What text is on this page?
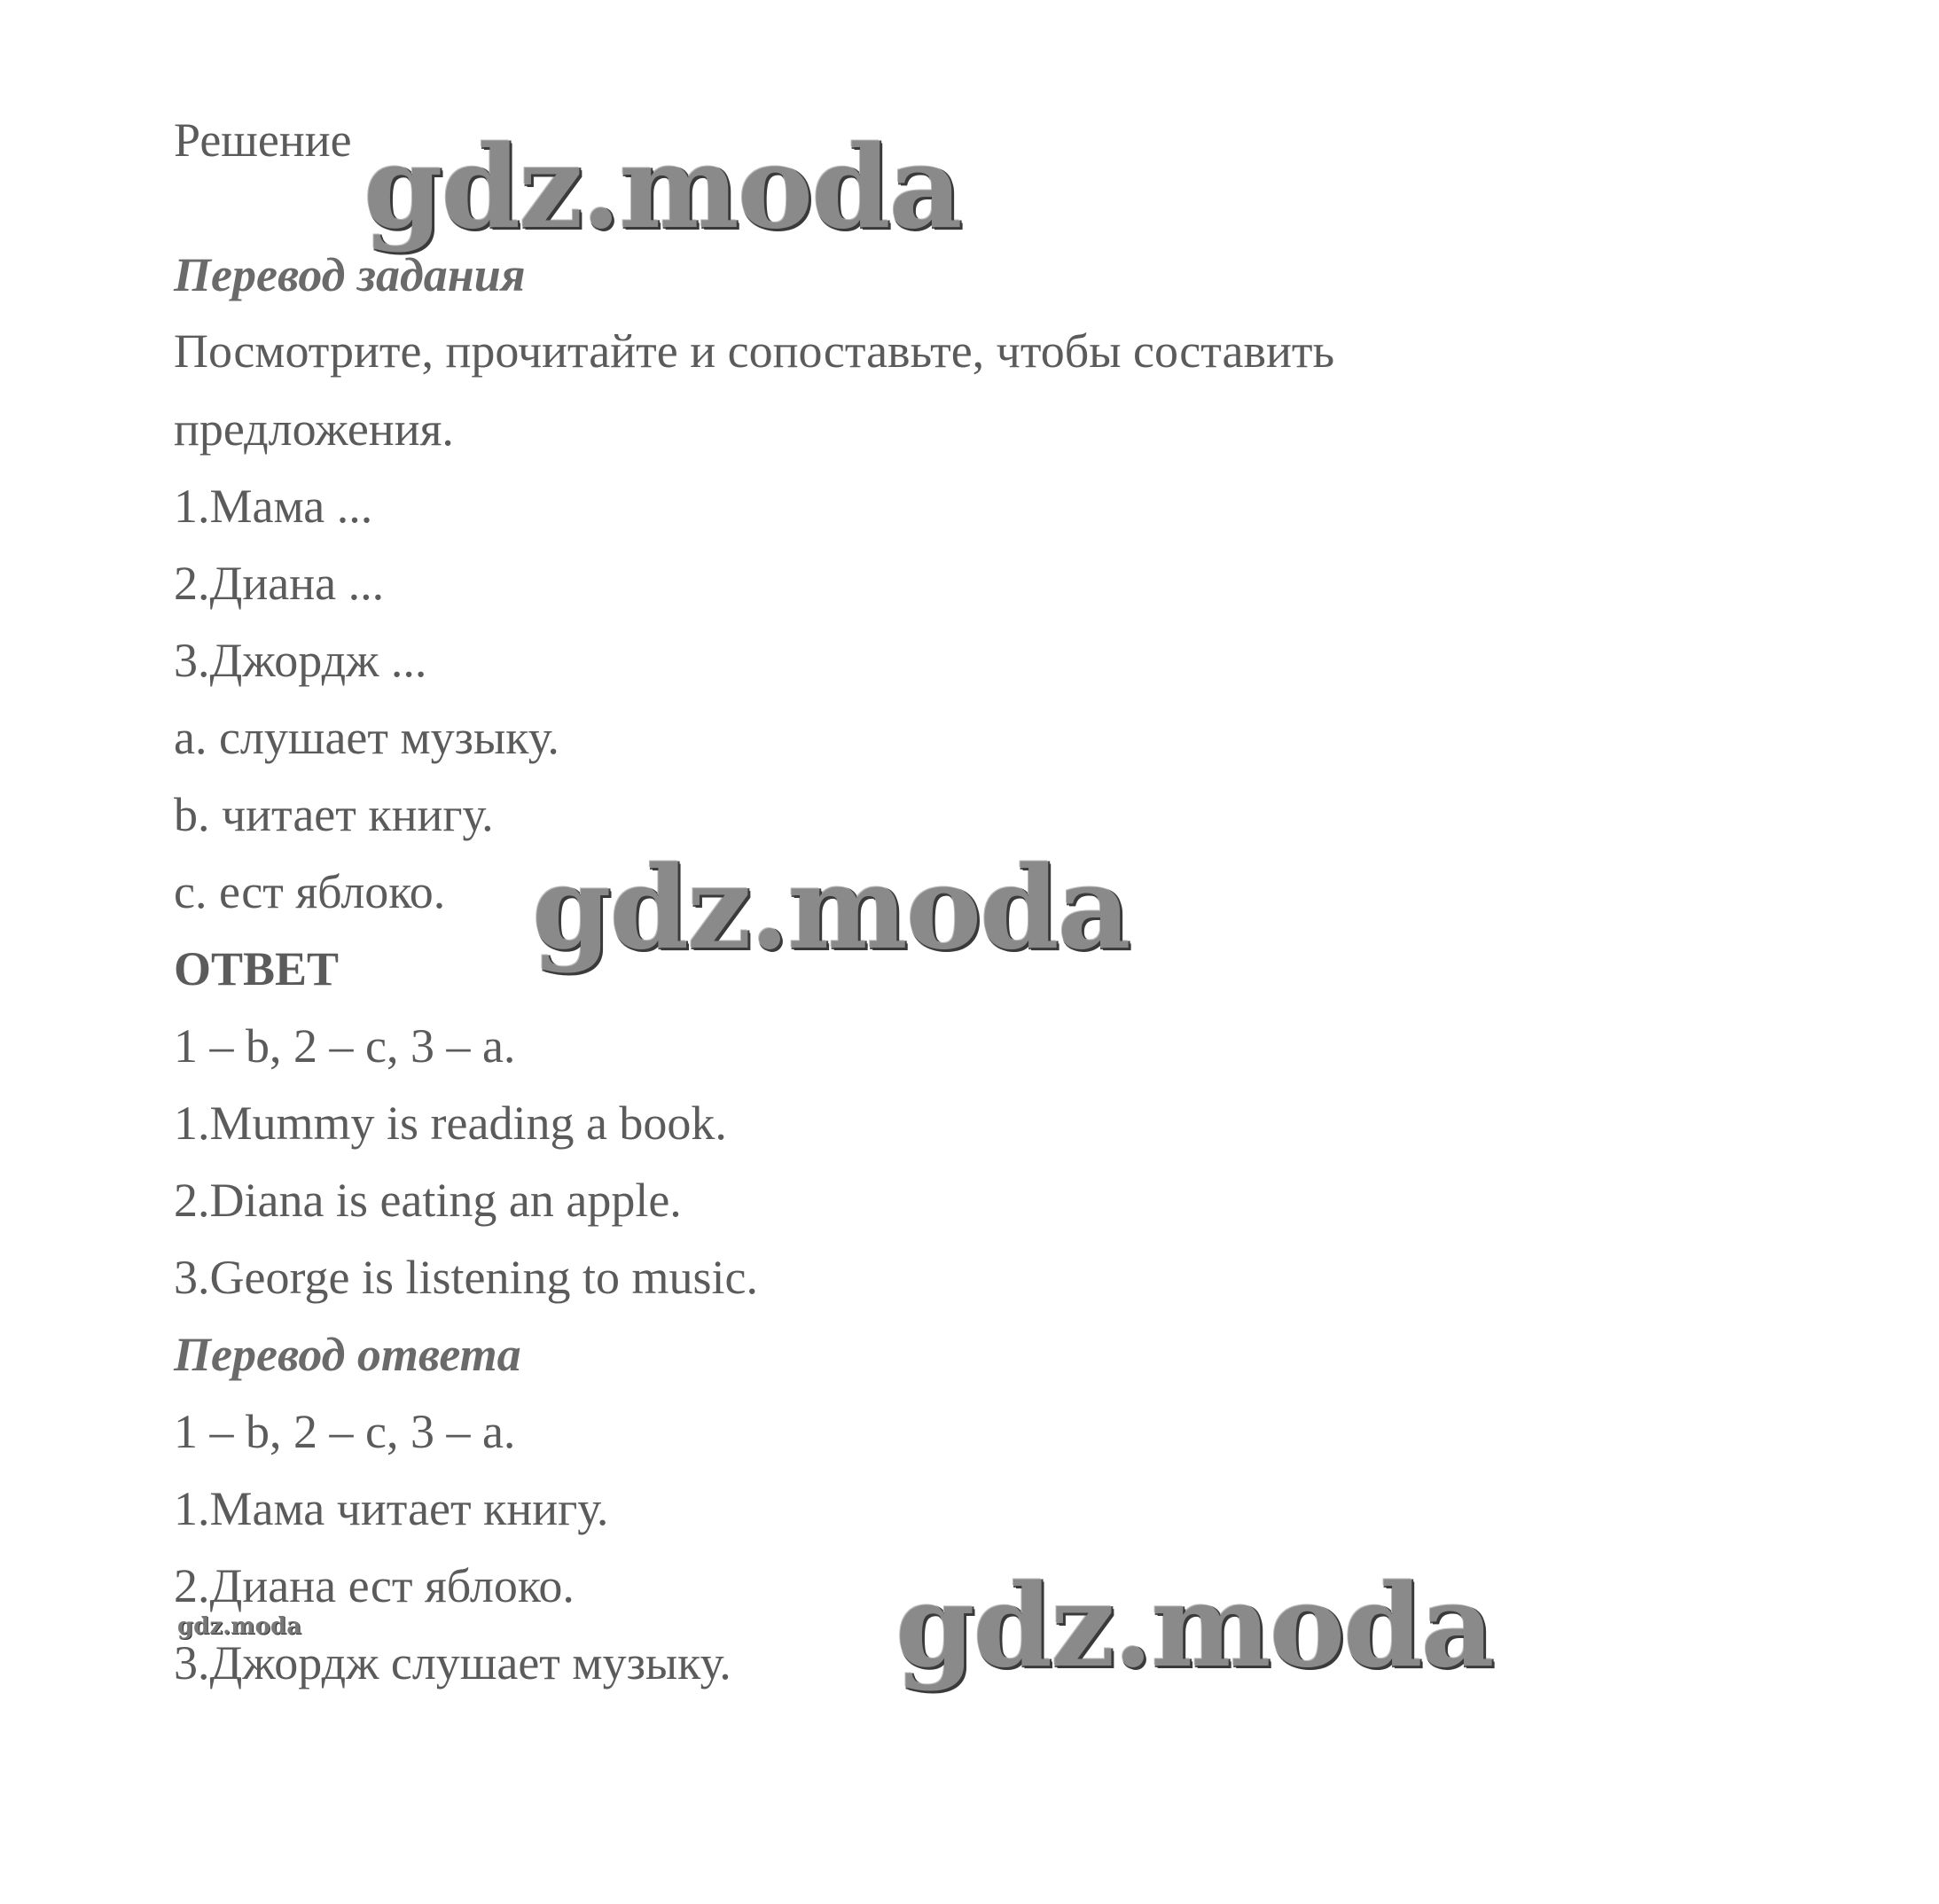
Решение gdz.moda
Перевод задания
Посмотрите, прочитайте и сопоставьте, чтобы составить
предложения.
1.Мама ...
2.Диана ...
3.Джордж ...
a. слушает музыку.
b. читает книгу.
c. ест яблоко. gdz.moda
ОТВЕТ
1 – b, 2 – c, 3 – a.
1.Mummy is reading a book.
2.Diana is eating an apple.
3.George is listening to music.
Перевод ответа
1 – b, 2 – c, 3 – a.
1.Мама читает книгу.
2.Диана ест яблоко.
gdz.moda
3.Джордж слушает музыку. gdz.moda
